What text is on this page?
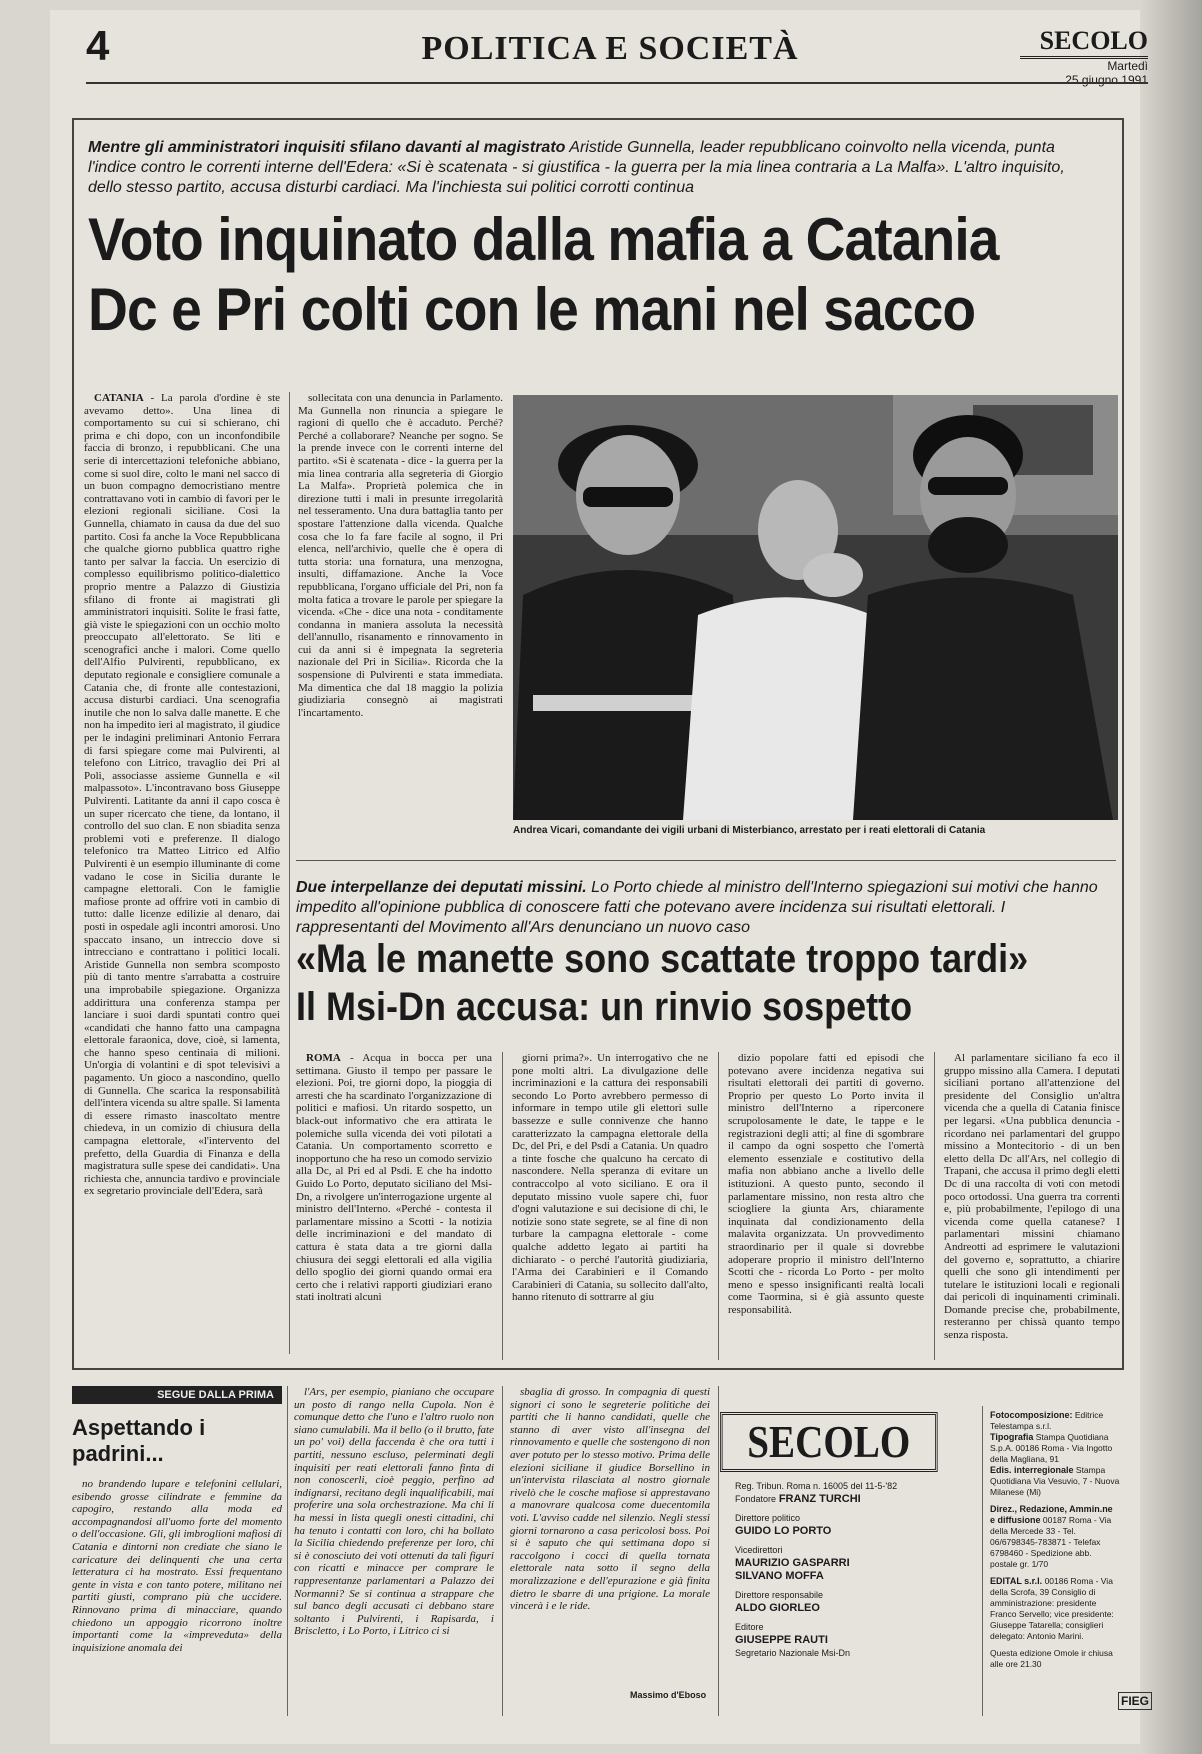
4	POLITICA E SOCIETÀ	SECOLO
Martedì
25 giugno 1991
Mentre gli amministratori inquisiti sfilano davanti al magistrato Aristide Gunnella, leader repubblicano coinvolto nella vicenda, punta l'indice contro le correnti interne dell'Edera: «Si è scatenata - si giustifica - la guerra per la mia linea contraria a La Malfa». L'altro inquisito, dello stesso partito, accusa disturbi cardiaci. Ma l'inchiesta sui politici corrotti continua
Voto inquinato dalla mafia a Catania
Dc e Pri colti con le mani nel sacco

CATANIA - La parola d'ordine è ste avevamo detto». Una linea di comportamento su cui si schierano, chi prima e chi dopo, con un inconfondibile faccia di bronzo, i repubblicani. Che una serie di intercettazioni telefoniche abbiano, come si suol dire, colto le mani nel sacco di un buon compagno democristiano mentre contrattavano voti in cambio di favori per le elezioni regionali siciliane. Così la Gunnella, chiamato in causa da due del suo partito. Così fa anche la Voce Repubblicana che qualche giorno pubblica quattro righe tanto per salvar la faccia. Un esercizio di complesso equilibrismo politico-dialettico proprio mentre a Palazzo di Giustizia sfilano di fronte ai magistrati gli amministratori inquisiti. Solite le frasi fatte, già viste le spiegazioni con un occhio molto preoccupato all'elettorato. Se liti e scenografici anche i malori. Come quello dell'Alfio Pulvirenti, repubblicano, ex deputato regionale e consigliere comunale a Catania che, di fronte alle contestazioni, accusa disturbi cardiaci. Una scenografia inutile che non lo salva dalle manette. E che non ha impedito ieri al magistrato, il giudice per le indagini preliminari Antonio Ferrara di farsi spiegare come mai Pulvirenti, al telefono con Litrico, travaglio dei Pri al Poli, associasse assieme Gunnella e «il malpassoto». L'incontravano boss Giuseppe Pulvirenti. Latitante da anni il capo cosca è un super ricercato che tiene, da lontano, il controllo del suo clan. E non sbiadita senza problemi voti e preferenze. Il dialogo telefonico tra Matteo Litrico ed Alfio Pulvirenti è un esempio illuminante di come vadano le cose in Sicilia durante le campagne elettorali. Con le famiglie mafiose pronte ad offrire voti in cambio di tutto: dalle licenze edilizie al denaro, dai posti in ospedale agli incontri amorosi. Uno spaccato insano, un intreccio dove si intrecciano e contrattano i politici locali. Aristide Gunnella non sembra scomposto più di tanto mentre s'arrabatta a costruire una improbabile spiegazione. Organizza addirittura una conferenza stampa per lanciare i suoi dardi spuntati contro quei «candidati che hanno fatto una campagna elettorale faraonica, dove, cioè, si lamenta, che hanno speso centinaia di milioni. Un'orgia di volantini e di spot televisivi a pagamento. Un gioco a nascondino, quello di Gunnella. Che scarica la responsabilità dell'intera vicenda su altre spalle. Si lamenta di essere rimasto inascoltato mentre chiedeva, in un comizio di chiusura della campagna elettorale, «l'intervento del prefetto, della Guardia di Finanza e della magistratura sulle spese dei candidati». Una richiesta che, annuncia tardivo e provinciale ex segretario provinciale dell'Edera, sarà

sollecitata con una denuncia in Parlamento. Ma Gunnella non rinuncia a spiegare le ragioni di quello che è accaduto. Perché? Perché a collaborare? Neanche per sogno. Se la prende invece con le correnti interne del partito. «Si è scatenata - dice - la guerra per la mia linea contraria alla segreteria di Giorgio La Malfa». Proprietà polemica che in direzione tutti i mali in presunte irregolarità nel tesseramento. Una dura battaglia tanto per spostare l'attenzione dalla vicenda. Qualche cosa che lo fa fare facile al sogno, il Pri elenca, nell'archivio, quelle che è opera di tutta storia: una fornatura, una menzogna, insulti, diffamazione. Anche la Voce repubblicana, l'organo ufficiale del Pri, non fa molta fatica a trovare le parole per spiegare la vicenda. «Che - dice una nota - conditamente condanna in maniera assoluta la necessità dell'annullo, risanamento e rinnovamento in cui da anni si è impegnata la segreteria nazionale del Pri in Sicilia». Ricorda che la sospensione di Pulvirenti e stata immediata. Ma dimentica che dal 18 maggio la polizia giudiziaria consegnò ai magistrati l'incartamento.

Andrea Vicari, comandante dei vigili urbani di Misterbianco, arrestato per i reati elettorali di Catania
Due interpellanze dei deputati missini. Lo Porto chiede al ministro dell'Interno spiegazioni sui motivi che hanno impedito all'opinione pubblica di conoscere fatti che potevano avere incidenza sui risultati elettorali. I rappresentanti del Movimento all'Ars denunciano un nuovo caso
«Ma le manette sono scattate troppo tardi»
Il Msi-Dn accusa: un rinvio sospetto

ROMA - Acqua in bocca per una settimana. Giusto il tempo per passare le elezioni. Poi, tre giorni dopo, la pioggia di arresti che ha scardinato l'organizzazione di politici e mafiosi. Un ritardo sospetto, un black-out informativo che era attirata le polemiche sulla vicenda dei voti pilotati a Catania. Un comportamento scorretto e inopportuno che ha reso un comodo servizio alla Dc, al Pri ed al Psdi. E che ha indotto Guido Lo Porto, deputato siciliano del Msi-Dn, a rivolgere un'interrogazione urgente al ministro dell'Interno. «Perché - contesta il parlamentare missino a Scotti - la notizia delle incriminazioni e del mandato di cattura è stata data a tre giorni dalla chiusura dei seggi elettorali ed alla vigilia dello spoglio dei giorni quando ormai era certo che i relativi rapporti giudiziari erano stati inoltrati alcuni

giorni prima?». Un interrogativo che ne pone molti altri. La divulgazione delle incriminazioni e la cattura dei responsabili secondo Lo Porto avrebbero permesso di informare in tempo utile gli elettori sulle bassezze e sulle connivenze che hanno caratterizzato la campagna elettorale della Dc, del Pri, e del Psdi a Catania. Un quadro a tinte fosche che qualcuno ha cercato di nascondere. Nella speranza di evitare un contraccolpo al voto siciliano. E ora il deputato missino vuole sapere chi, fuor d'ogni valutazione e sui decisione di chi, le notizie sono state segrete, se al fine di non turbare la campagna elettorale - come qualche addetto legato ai partiti ha dichiarato - o perché l'autorità giudiziaria, l'Arma dei Carabinieri e il Comando Carabinieri di Catania, su sollecito dall'alto, hanno ritenuto di sottrarre al giu

dizio popolare fatti ed episodi che potevano avere incidenza negativa sui risultati elettorali dei partiti di governo. Proprio per questo Lo Porto invita il ministro dell'Interno a riperconere scrupolosamente le date, le tappe e le registrazioni degli atti; al fine di sgombrare il campo da ogni sospetto che l'omertà elemento essenziale e costitutivo della mafia non abbiano anche a livello delle istituzioni. A questo punto, secondo il parlamentare missino, non resta altro che sciogliere la giunta Ars, chiaramente inquinata dal condizionamento della malavita organizzata. Un provvedimento straordinario per il quale si dovrebbe adoperare proprio il ministro dell'Interno Scotti che - ricorda Lo Porto - per molto meno e spesso insignificanti realtà locali come Taormina, si è già assunto queste responsabilità.

Al parlamentare siciliano fa eco il gruppo missino alla Camera. I deputati siciliani portano all'attenzione del presidente del Consiglio un'altra vicenda che a quella di Catania finisce per legarsi. «Una pubblica denuncia - ricordano nei parlamentari del gruppo missino a Montecitorio - di un ben eletto della Dc all'Ars, nel collegio di Trapani, che accusa il primo degli eletti Dc di una raccolta di voti con metodi poco ortodossi. Una guerra tra correnti e, più probabilmente, l'epilogo di una vicenda come quella catanese? I parlamentari missini chiamano Andreotti ad esprimere le valutazioni del governo e, soprattutto, a chiarire quelli che sono gli intendimenti per tutelare le istituzioni locali e regionali dai pericoli di inquinamenti criminali. Domande precise che, probabilmente, resteranno per chissà quanto tempo senza risposta.

SEGUE DALLA PRIMA
Aspettando i padrini...

no brandendo lupare e telefonini cellulari, esibendo grosse cilindrate e femmine da capogiro, restando alla moda ed accompagnandosi all'uomo forte del momento o dell'occasione. Gli, gli imbroglioni mafiosi di Catania e dintorni non crediate che siano le caricature dei delinquenti che una certa letteratura ci ha mostrato. Essi frequentano gente in vista e con tanto potere, militano nei partiti giusti, comprano più che uccidere. Rinnovano prima di minacciare, quando chiedono un appoggio ricorrono inoltre importanti come la «impreveduta» della inquisizione anomala dei

l'Ars, per esempio, pianiano che occupare un posto di rango nella Cupola. Non è comunque detto che l'uno e l'altro ruolo non siano cumulabili. Ma il bello (o il brutto, fate un po' voi) della faccenda è che ora tutti i partiti, nessuno escluso, pelerminati degli inquisiti per reati elettorali fanno finta di non conoscerli, cioè peggio, perfino ad indignarsi, recitano degli inqualificabili, mai proferire una sola orchestrazione. Ma chi li ha messi in lista quegli onesti cittadini, chi ha tenuto i contatti con loro, chi ha bollato la Sicilia chiedendo preferenze per loro, chi si è conosciuto dei voti ottenuti da tali figuri con ricatti e minacce per comprare le rappresentanze parlamentari a Palazzo dei Normanni? Se si continua a strappare che sul banco degli accusati ci debbano stare soltanto i Pulvirenti, i Rapisarda, i Briscletto, i Lo Porto, i Litrico ci si

sbaglia di grosso. In compagnia di questi signori ci sono le segreterie politiche dei partiti che li hanno candidati, quelle che stanno di aver visto all'insegna del rinnovamento e quelle che sostengono di non aver potuto per lo stesso motivo. Prima delle elezioni siciliane il giudice Borsellino in un'intervista rilasciata al nostro giornale rivelò che le cosche mafiose si apprestavano a manovrare qualcosa come duecentomila voti. L'avviso cadde nel silenzio. Negli stessi giorni tornarono a casa pericolosi boss. Poi si è saputo che qui settimana dopo si raccolgono i cocci di quella tornata elettorale nata sotto il segno della moralizzazione e dell'epurazione e già finita dietro le sbarre di una prigione. La morale vincerà i e le ride.

Massimo d'Eboso
SECOLO
Reg. Tribun. Roma n. 16005 del 11-5-'82
Fondatore FRANZ TURCHI
Direttore politico
GUIDO LO PORTO
Vicedirettori
MAURIZIO GASPARRI
SILVANO MOFFA
Direttore responsabile
ALDO GIORLEO
Editore
GIUSEPPE RAUTI
Segretario Nazionale Msi-Dn
Fotocomposizione: Editrice Telestampa s.r.l.
Tipografia Stampa Quotidiana S.p.A. 00186 Roma - Via Ingotto della Magliana, 91
Edis. interregionale Stampa Quotidiana Via Vesuvio, 7 - Nuova Milanese (Mi)
Direz., Redazione, Ammin.ne e diffusione 00187 Roma - Via della Mercede 33 - Tel. 06/6798345-783871 - Telefax 6798460 - Spedizione abb. postale gr. 1/70
EDITAL s.r.l. 00186 Roma - Via della Scrofa, 39 Consiglio di amministrazione: presidente Franco Servello; vice presidente: Giuseppe Tatarella; consiglieri delegato: Antonio Marini.
Questa edizione Omole ir chiusa alle ore 21.30
FIEG
